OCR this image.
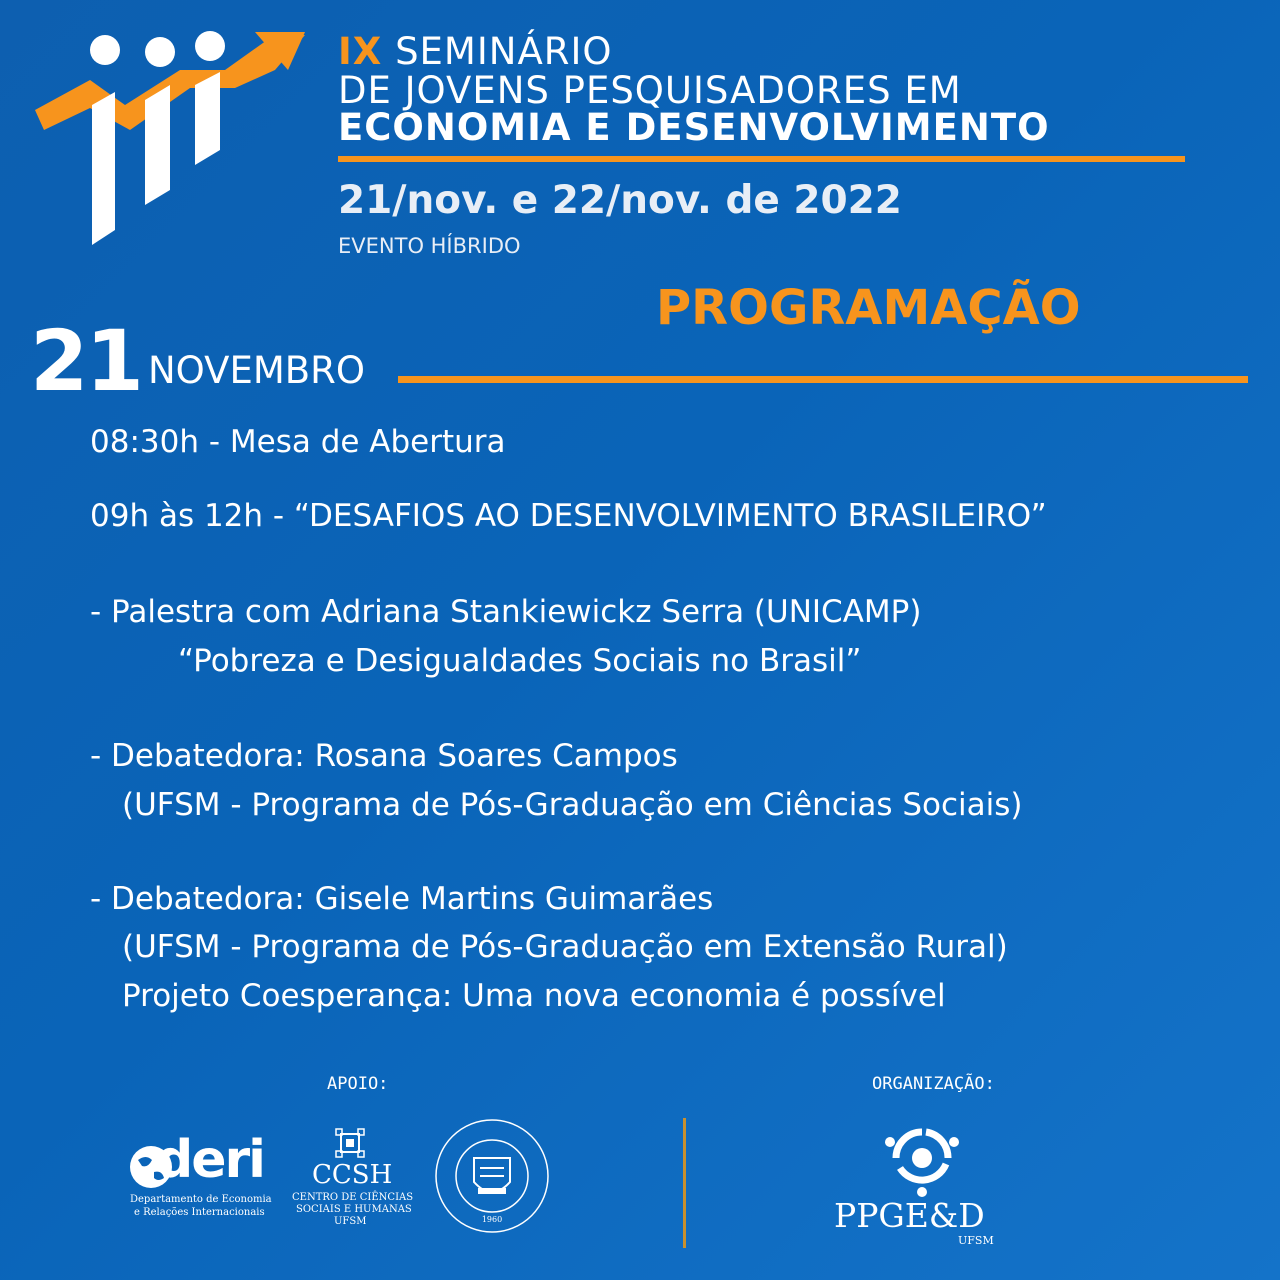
IX SEMINÁRIO
DE JOVENS PESQUISADORES EM
ECONOMIA E DESENVOLVIMENTO
21/nov. e 22/nov. de 2022
EVENTO HÍBRIDO
PROGRAMAÇÃO
21 NOVEMBRO
08:30h - Mesa de Abertura
09h às 12h - “DESAFIOS AO DESENVOLVIMENTO BRASILEIRO”
- Palestra com Adriana Stankiewickz Serra (UNICAMP)
“Pobreza e Desigualdades Sociais no Brasil”
- Debatedora: Rosana Soares Campos
(UFSM - Programa de Pós-Graduação em Ciências Sociais)
- Debatedora: Gisele Martins Guimarães
(UFSM - Programa de Pós-Graduação em Extensão Rural)
Projeto Coesperança: Uma nova economia é possível
APOIO:	ORGANIZAÇÃO:
deri
Departamento de Economia
e Relações Internacionais
CCSH
CENTRO DE CIÊNCIAS
SOCIAIS E HUMANAS
UFSM	1960	PPGE&D
UFSM
